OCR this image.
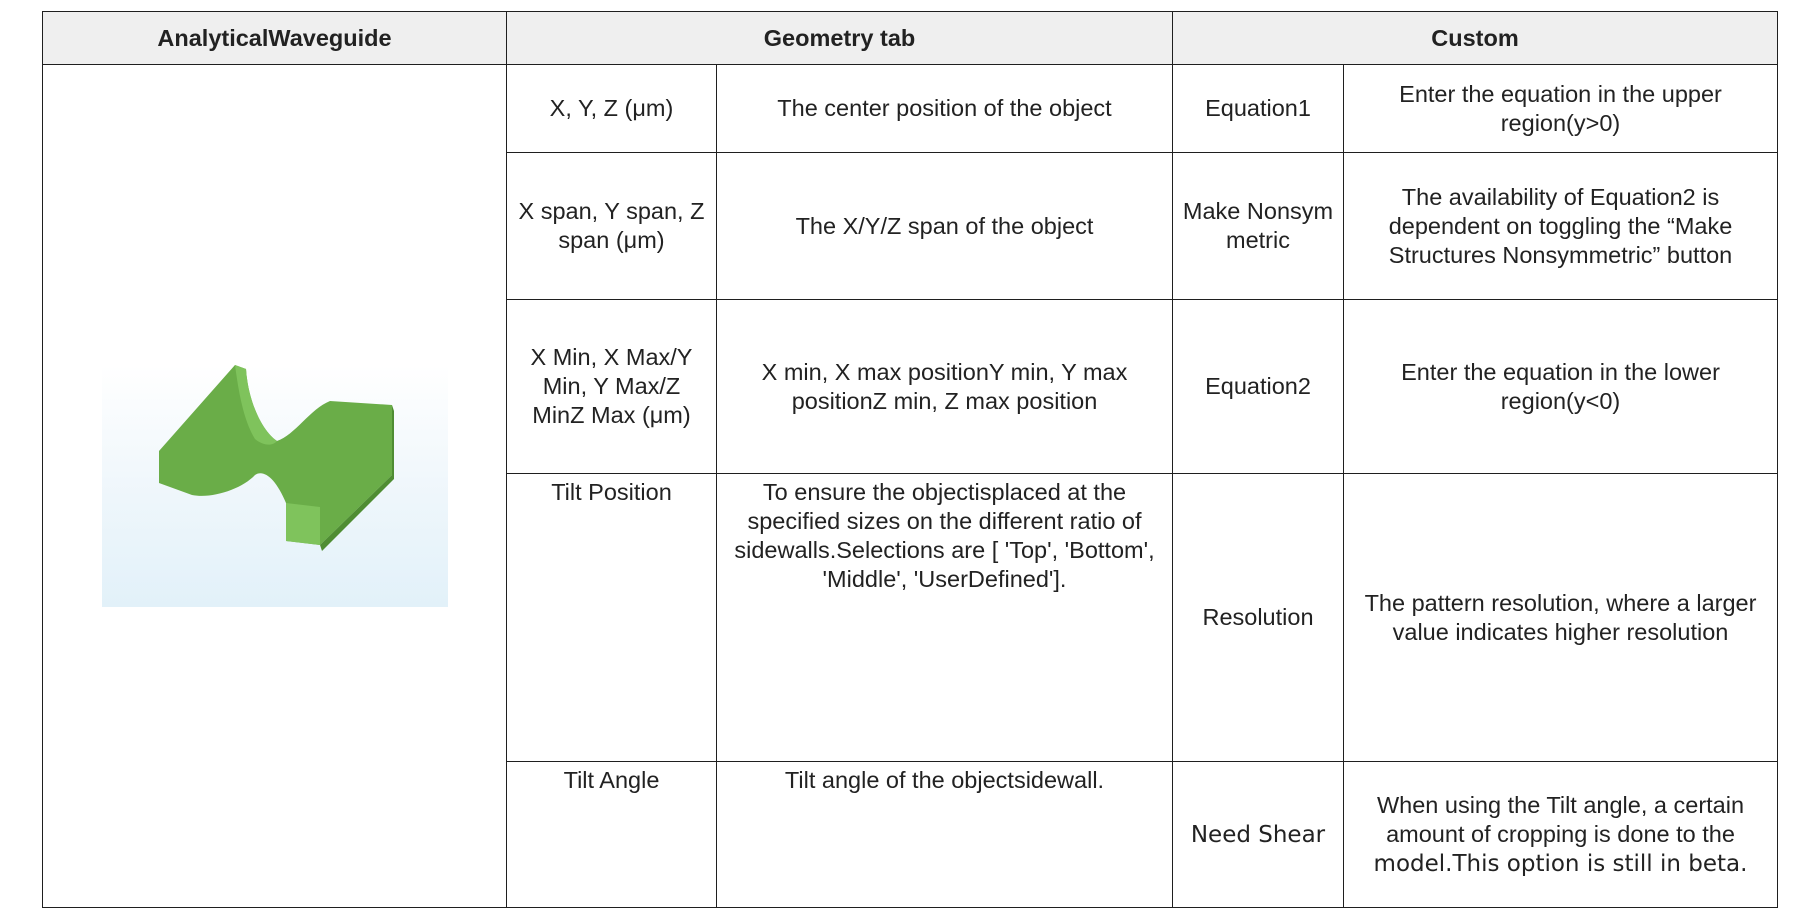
AnalyticalWaveguide	Geometry tab		Custom	

	X, Y, Z (μm)	The center position of the object	Equation1	Enter the equation in the upper region(y>0)
	X span, Y span, Z span (μm)	The X/Y/Z span of the object	Make Nonsymmetric	The availability of Equation2 is dependent on toggling the “Make Structures Nonsymmetric” button
	X Min, X Max/Y Min, Y Max/Z MinZ Max (μm)	X min, X max positionY min, Y max positionZ min, Z max position	Equation2	Enter the equation in the lower region(y<0)
	Tilt Position	To ensure the objectisplaced at the specified sizes on the different ratio of sidewalls.Selections are [ 'Top', 'Bottom', 'Middle', 'UserDefined'].	Resolution	The pattern resolution, where a larger value indicates higher resolution
	Tilt Angle	Tilt angle of the objectsidewall.	Need Shear	When using the Tilt angle, a certain amount of cropping is done to the model.This option is still in beta.
